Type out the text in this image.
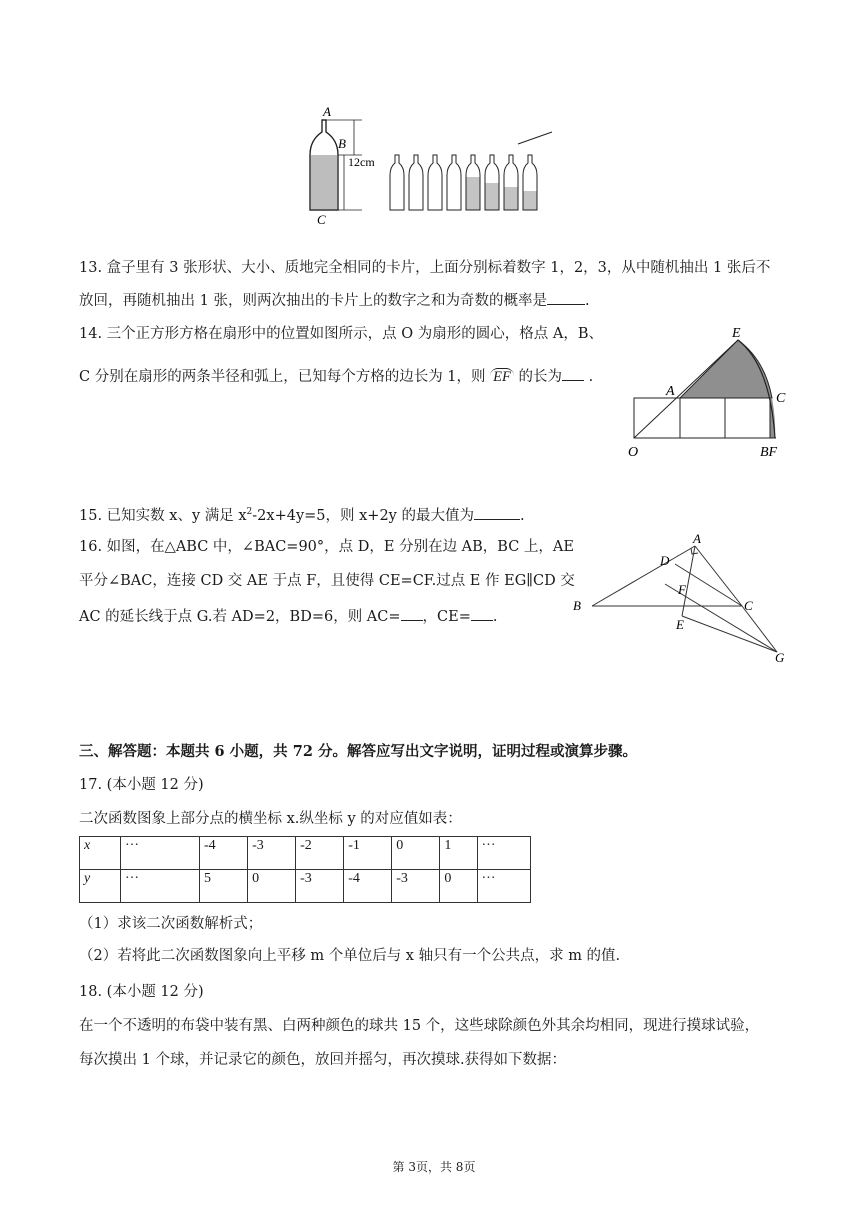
A
B
C
12cm
13. 盒子里有 3 张形状、大小、质地完全相同的卡片，上面分别标着数字 1，2，3，从中随机抽出 1 张后不
放回，再随机抽出 1 张，则两次抽出的卡片上的数字之和为奇数的概率是	.
14. 三个正方形方格在扇形中的位置如图所示，点 O 为扇形的圆心，格点 A，B、
C 分别在扇形的两条半径和弧上，已知每个方格的边长为 1，则 EF 的长为 .
E
A	C
O	BF
15. 已知实数 x、y 满足 $x^2-2x+4y=5$，则 x+2y 的最大值为	.
16. 如图，在△ABC 中，∠BAC=90°，点 D，E 分别在边 AB，BC 上，AE
平分∠BAC，连接 CD 交 AE 于点 F，且使得 CE=CF.过点 E 作 EG∥CD 交
AC 的延长线于点 G.若 AD=2，BD=6，则 AC= ，CE= .
A
B	C
D
E
F
G
三、解答题：本题共 6 小题，共 72 分。解答应写出文字说明，证明过程或演算步骤。
17. (本小题 12 分)
二次函数图象上部分点的横坐标 x.纵坐标 y 的对应值如表：
x	···	-4	-3	-2	-1	0	1	···
y	···	5	0	-3	-4	-3	0	···
（1）求该二次函数解析式；
（2）若将此二次函数图象向上平移 m 个单位后与 x 轴只有一个公共点，求 m 的值.
18. (本小题 12 分)
在一个不透明的布袋中装有黑、白两种颜色的球共 15 个，这些球除颜色外其余均相同，现进行摸球试验，
每次摸出 1 个球，并记录它的颜色，放回并摇匀，再次摸球.获得如下数据：
第 3页，共 8页
